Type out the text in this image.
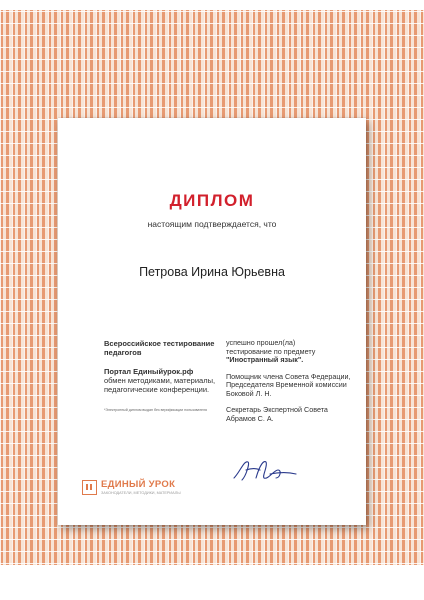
ДИПЛОМ
настоящим подтверждается, что
Петрова Ирина Юрьевна
Всероссийское тестирование педагогов
Портал Единыйурок.рф
обмен методиками, материалы, педагогические конференции.
*Электронный диплом выдан без верификации пользователя

успешно прошел(ла)
тестирование по предмету
"Иностранный язык".

Помощник члена Совета Федерации, Председателя Временной комиссии Боковой Л. Н.

Секретарь Экспертной Совета Абрамов С. А.

ЕДИНЫЙ УРОК
ЗАКОНОДАТЕЛИ, МЕТОДИКИ, МАТЕРИАЛЫ
